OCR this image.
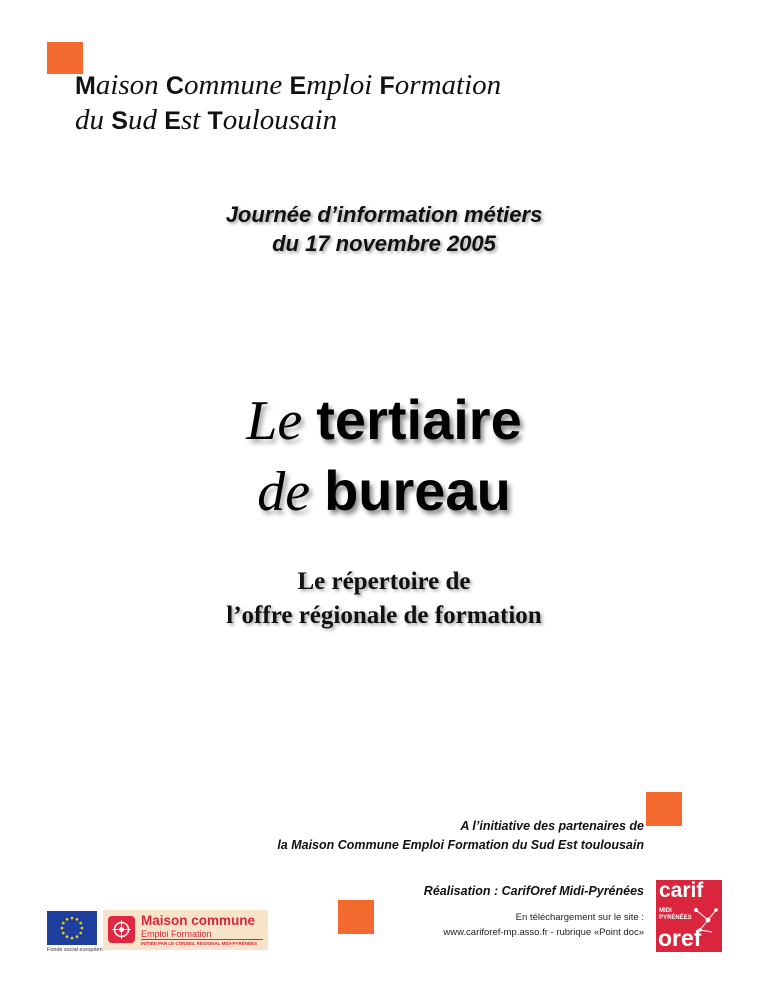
Maison Commune Emploi Formation
du Sud Est Toulousain
Journée d’information métiers
du 17 novembre 2005
Le tertiaire
de bureau
Le répertoire de
l’offre régionale de formation
A l’initiative des partenaires de
la Maison Commune Emploi Formation du Sud Est toulousain
Réalisation : CarifOref Midi-Pyrénées
En téléchargement sur le site :
www.cariforef-mp.asso.fr - rubrique «Point doc»
Fonds social européen
Maison commune
Emploi Formation
INITIÉE PAR LE CONSEIL RÉGIONAL MIDI-PYRÉNÉES
carif
MIDI
PYRÉNÉES
oref
